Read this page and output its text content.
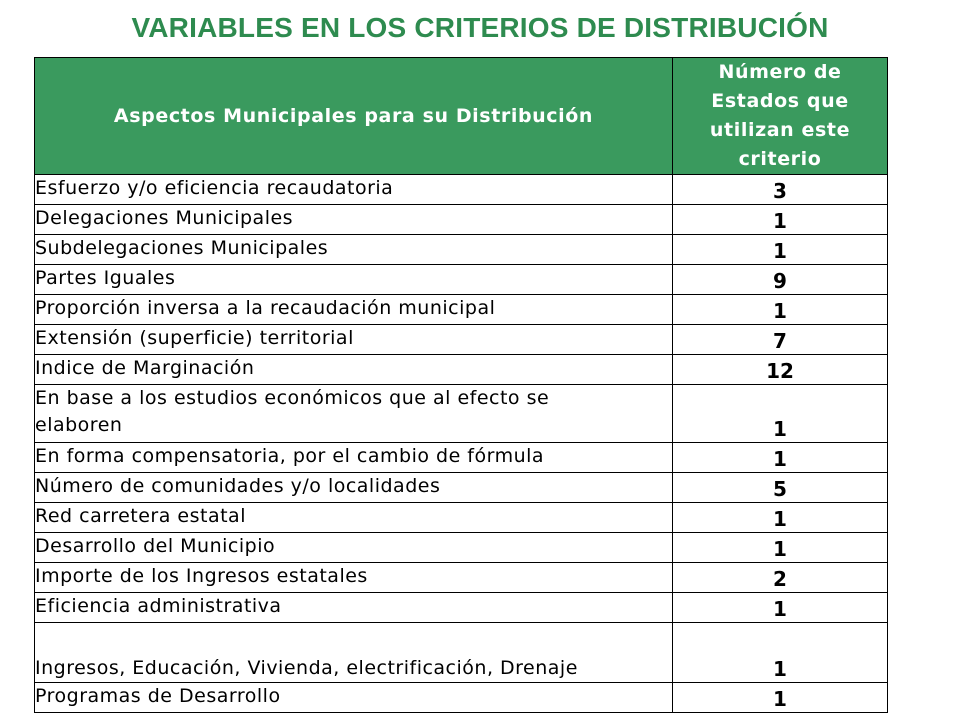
VARIABLES EN LOS CRITERIOS DE DISTRIBUCIÓN
Aspectos Municipales para su Distribución	Número de Estados que utilizan este criterio
Esfuerzo y/o eficiencia recaudatoria	3
Delegaciones Municipales	1
Subdelegaciones Municipales	1
Partes Iguales	9
Proporción inversa a la recaudación municipal	1
Extensión (superficie) territorial	7
Indice de Marginación	12
En base a los estudios económicos que al efecto se elaboren	1
En forma compensatoria, por el cambio de fórmula	1
Número de comunidades y/o localidades	5
Red carretera estatal	1
Desarrollo del Municipio	1
Importe de los Ingresos estatales	2
Eficiencia administrativa	1
Ingresos, Educación, Vivienda, electrificación, Drenaje	1
Programas de Desarrollo	1
